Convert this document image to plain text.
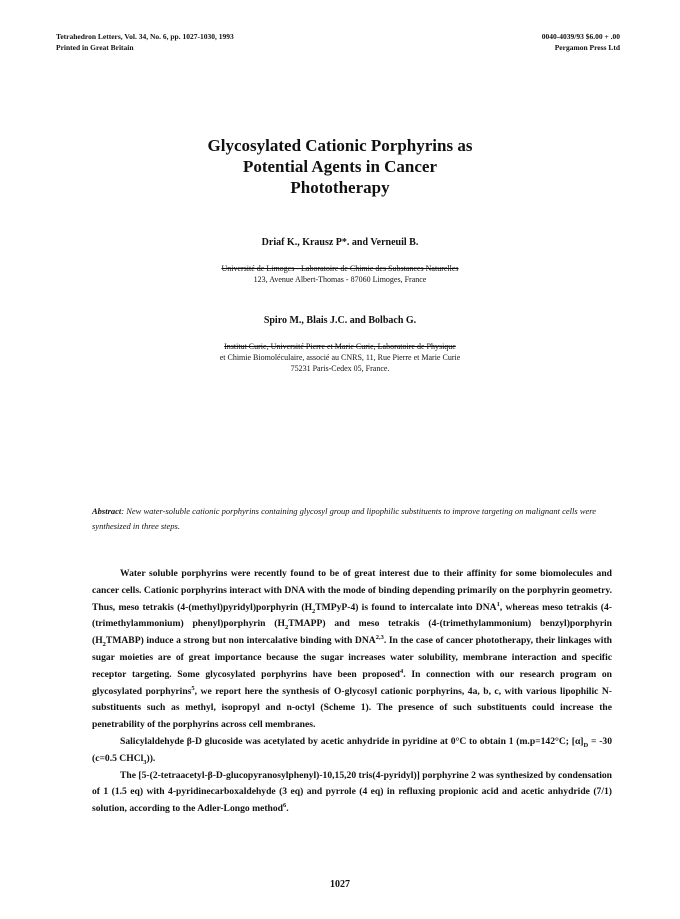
Tetrahedron Letters, Vol. 34, No. 6, pp. 1027-1030, 1993
Printed in Great Britain
0040-4039/93 $6.00 + .00
Pergamon Press Ltd
Glycosylated Cationic Porphyrins as
Potential Agents in Cancer
Phototherapy
Driaf K., Krausz P*. and Verneuil B.
Université de Limoges - Laboratoire de Chimie des Substances Naturelles
123, Avenue Albert-Thomas - 87060 Limoges, France
Spiro M., Blais J.C. and Bolbach G.
Institut Curie, Université Pierre et Marie Curie, Laboratoire de Physique
et Chimie Biomoléculaire, associé au CNRS, 11, Rue Pierre et Marie Curie
75231 Paris-Cedex 05, France.
Abstract: New water-soluble cationic porphyrins containing glycosyl group and lipophilic substituents to improve targeting on malignant cells were synthesized in three steps.

Water soluble porphyrins were recently found to be of great interest due to their affinity for some biomolecules and cancer cells. Cationic porphyrins interact with DNA with the mode of binding depending primarily on the porphyrin geometry. Thus, meso tetrakis (4-(methyl)pyridyl)porphyrin $(H_2TMPyP-4)$ is found to intercalate into DNA$^1$, whereas meso tetrakis (4-(trimethylammonium) phenyl)porphyrin $(H_2TMAPP)$ and meso tetrakis (4-(trimethylammonium) benzyl)porphyrin $(H_2TMABP)$ induce a strong but non intercalative binding with DNA$^{2,3}$. In the case of cancer phototherapy, their linkages with sugar moieties are of great importance because the sugar increases water solubility, membrane interaction and specific receptor targeting. Some glycosylated porphyrins have been proposed$^4$. In connection with our research program on glycosylated porphyrins$^5$, we report here the synthesis of O-glycosyl cationic porphyrins, 4a, b, c, with various lipophilic N-substituents such as methyl, isopropyl and n-octyl (Scheme 1). The presence of such substituents could increase the penetrability of the porphyrins across cell membranes.

Salicylaldehyde β-D glucoside was acetylated by acetic anhydride in pyridine at 0°C to obtain 1 (m.p=142°C; $[\alpha]_D = -30$ (c=0.5 CHCl$_3$)).

The [5-(2-tetraacetyl-β-D-glucopyranosylphenyl)-10,15,20 tris(4-pyridyl)] porphyrine 2 was synthesized by condensation of 1 (1.5 eq) with 4-pyridinecarboxaldehyde (3 eq) and pyrrole (4 eq) in refluxing propionic acid and acetic anhydride (7/1) solution, according to the Adler-Longo method$^6$.

1027
